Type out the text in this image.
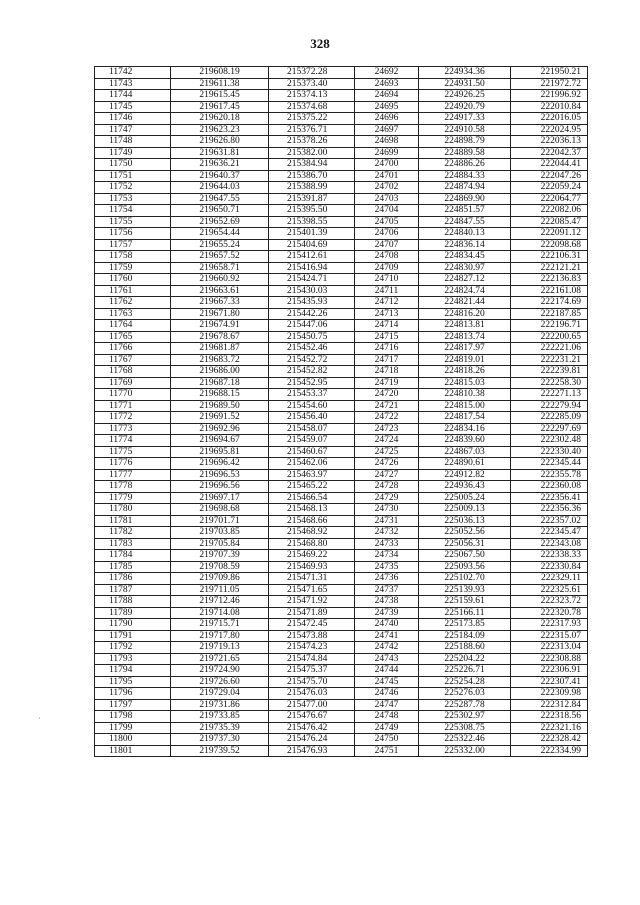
328
11742	219608.19	215372.28	24692	224934.36	221950.21
11743	219611.38	215373.40	24693	224931.50	221972.72
11744	219615.45	215374.13	24694	224926.25	221996.92
11745	219617.45	215374.68	24695	224920.79	222010.84
11746	219620.18	215375.22	24696	224917.33	222016.05
11747	219623.23	215376.71	24697	224910.58	222024.95
11748	219626.80	215378.26	24698	224898.79	222036.13
11749	219631.81	215382.00	24699	224889.58	222042.37
11750	219636.21	215384.94	24700	224886.26	222044.41
11751	219640.37	215386.70	24701	224884.33	222047.26
11752	219644.03	215388.99	24702	224874.94	222059.24
11753	219647.55	215391.87	24703	224869.90	222064.77
11754	219650.71	215395.50	24704	224851.57	222082.06
11755	219652.69	215398.55	24705	224847.55	222085.47
11756	219654.44	215401.39	24706	224840.13	222091.12
11757	219655.24	215404.69	24707	224836.14	222098.68
11758	219657.52	215412.61	24708	224834.45	222106.31
11759	219658.71	215416.94	24709	224830.97	222121.21
11760	219660.92	215424.71	24710	224827.12	222136.83
11761	219663.61	215430.03	24711	224824.74	222161.08
11762	219667.33	215435.93	24712	224821.44	222174.69
11763	219671.80	215442.26	24713	224816.20	222187.85
11764	219674.91	215447.06	24714	224813.81	222196.71
11765	219678.67	215450.75	24715	224813.74	222200.65
11766	219681.87	215452.46	24716	224817.97	222221.06
11767	219683.72	215452.72	24717	224819.01	222231.21
11768	219686.00	215452.82	24718	224818.26	222239.81
11769	219687.18	215452.95	24719	224815.03	222258.30
11770	219688.15	215453.37	24720	224810.38	222271.13
11771	219689.50	215454.60	24721	224815.00	222279.94
11772	219691.52	215456.40	24722	224817.54	222285.09
11773	219692.96	215458.07	24723	224834.16	222297.69
11774	219694.67	215459.07	24724	224839.60	222302.48
11775	219695.81	215460.67	24725	224867.03	222330.40
11776	219696.42	215462.06	24726	224890.61	222345.44
11777	219696.53	215463.97	24727	224912.82	222355.78
11778	219696.56	215465.22	24728	224936.43	222360.08
11779	219697.17	215466.54	24729	225005.24	222356.41
11780	219698.68	215468.13	24730	225009.13	222356.36
11781	219701.71	215468.66	24731	225036.13	222357.02
11782	219703.85	215468.92	24732	225052.56	222345.47
11783	219705.84	215468.80	24733	225056.31	222343.08
11784	219707.39	215469.22	24734	225067.50	222338.33
11785	219708.59	215469.93	24735	225093.56	222330.84
11786	219709.86	215471.31	24736	225102.70	222329.11
11787	219711.05	215471.65	24737	225139.93	222325.61
11788	219712.46	215471.92	24738	225159.61	222323.72
11789	219714.08	215471.89	24739	225166.11	222320.78
11790	219715.71	215472.45	24740	225173.85	222317.93
11791	219717.80	215473.88	24741	225184.09	222315.07
11792	219719.13	215474.23	24742	225188.60	222313.04
11793	219721.65	215474.84	24743	225204.22	222308.88
11794	219724.90	215475.37	24744	225226.71	222306.91
11795	219726.60	215475.70	24745	225254.28	222307.41
11796	219729.04	215476.03	24746	225276.03	222309.98
11797	219731.86	215477.00	24747	225287.78	222312.84
11798	219733.85	215476.67	24748	225302.97	222318.56
11799	219735.39	215476.42	24749	225308.75	222321.16
11800	219737.30	215476.24	24750	225322.46	222328.42
11801	219739.52	215476.93	24751	225332.00	222334.99
·
